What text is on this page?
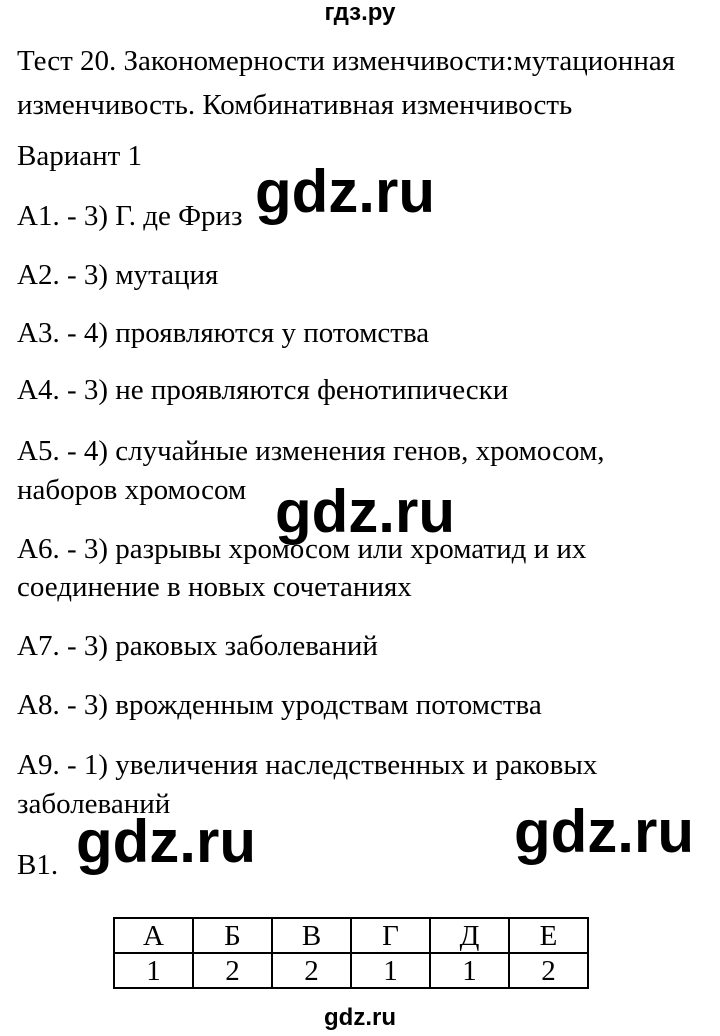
гдз.ру
Тест 20. Закономерности изменчивости:мутационная
изменчивость. Комбинативная изменчивость
Вариант 1
А1. - 3) Г. де Фриз
А2. - 3) мутация
А3. - 4) проявляются у потомства
А4. - 3) не проявляются фенотипически
А5. - 4) случайные изменения генов, хромосом,
наборов хромосом
А6. - 3) разрывы хромосом или хроматид и их
соединение в новых сочетаниях
А7. - 3) раковых заболеваний
А8. - 3) врожденным уродствам потомства
А9. - 1) увеличения наследственных и раковых
заболеваний
В1.
gdz.ru
gdz.ru
gdz.ru	gdz.ru
А	Б	В	Г	Д	Е
1	2	2	1	1	2
gdz.ru
